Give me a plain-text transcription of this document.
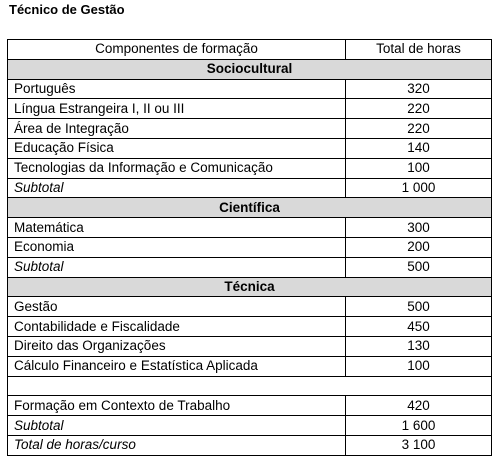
Técnico de Gestão
Componentes de formação	Total de horas
Sociocultural	
Português	320
Língua Estrangeira I, II ou III	220
Área de Integração	220
Educação Física	140
Tecnologias da Informação e Comunicação	100
Subtotal	1 000
Científica	
Matemática	300
Economia	200
Subtotal	500
Técnica	
Gestão	500
Contabilidade e Fiscalidade	450
Direito das Organizações	130
Cálculo Financeiro e Estatística Aplicada	100

Formação em Contexto de Trabalho	420
Subtotal	1 600
Total de horas/curso	3 100
